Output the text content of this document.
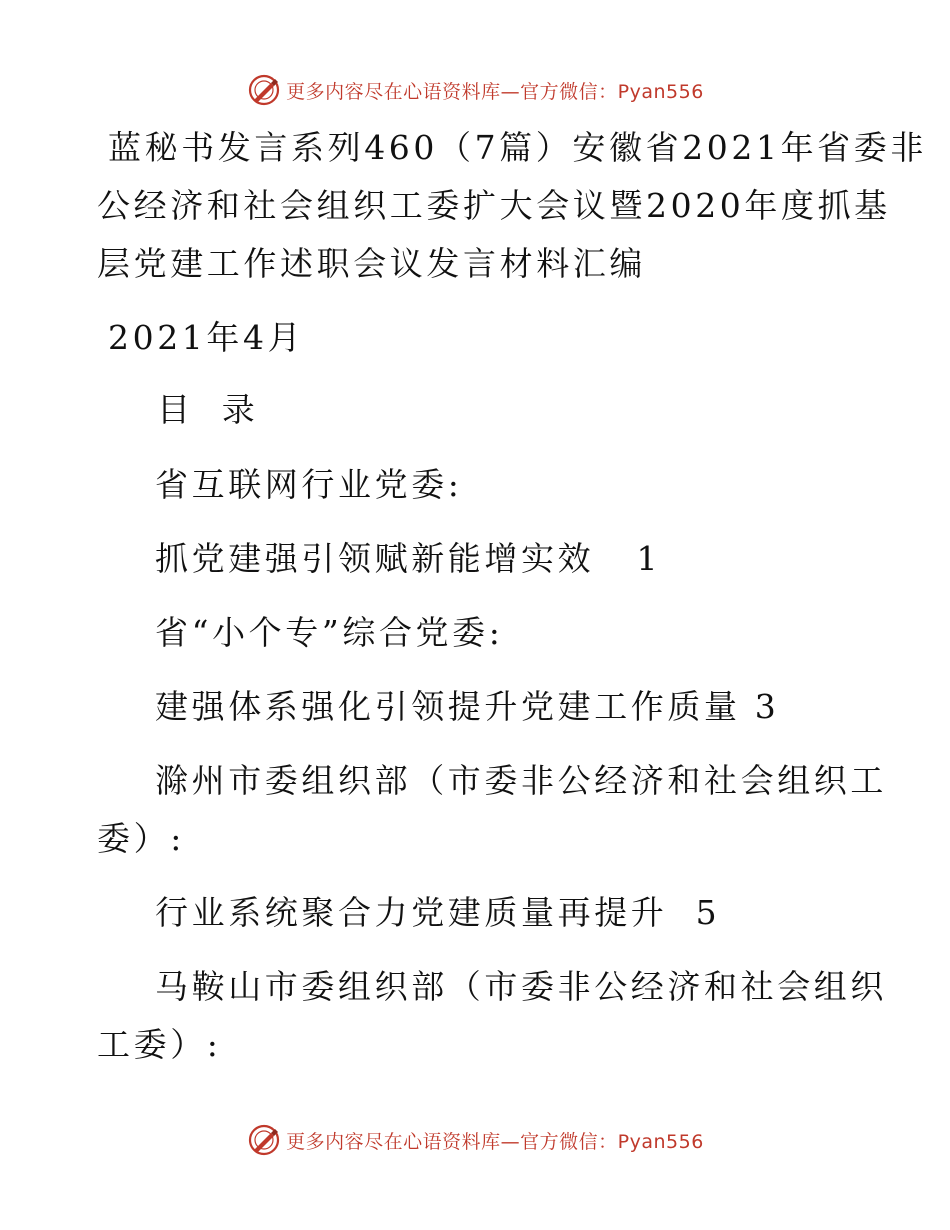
更多内容尽在心语资料库—官方微信：Pyan556
蓝秘书发言系列460（7篇）安徽省2021年省委非
公经济和社会组织工委扩大会议暨2020年度抓基
层党建工作述职会议发言材料汇编
2021年4月
目  录
省互联网行业党委:
抓党建强引领赋新能增实效   1
省“小个专”综合党委:
建强体系强化引领提升党建工作质量 3
滁州市委组织部（市委非公经济和社会组织工
委）:
行业系统聚合力党建质量再提升  5
马鞍山市委组织部（市委非公经济和社会组织
工委）:
更多内容尽在心语资料库—官方微信：Pyan556
